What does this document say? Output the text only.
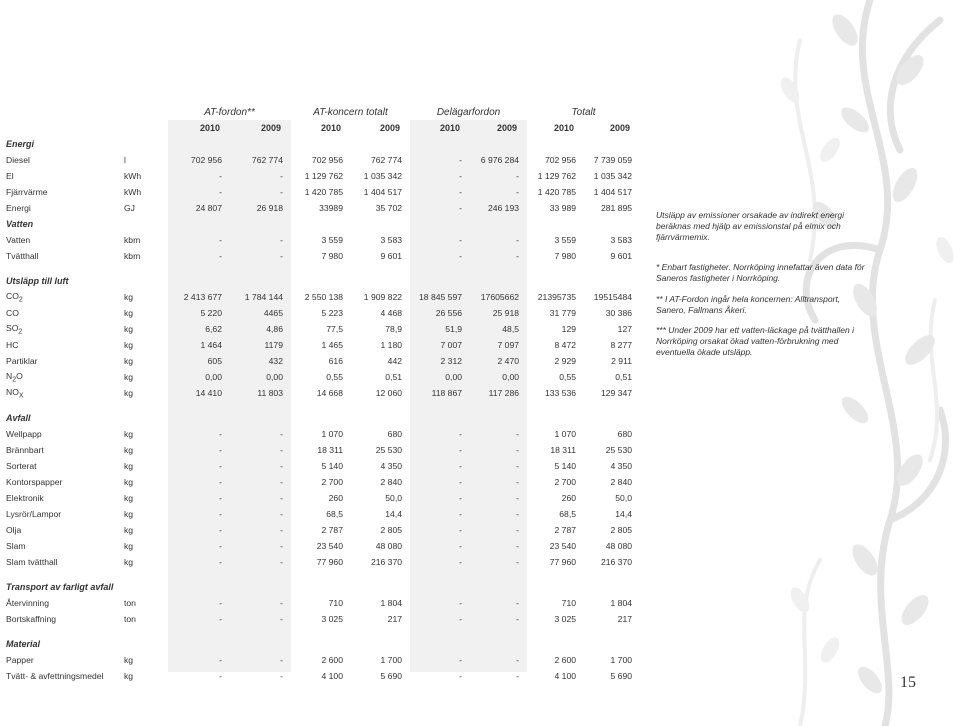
		AT-fordon**		AT-koncern totalt		Delägarfordon		Totalt	
		2010	2009	2010	2009	2010	2009	2010	2009
Energi									
Diesel	l	702 956	762 774	702 956	762 774	-	6 976 284	702 956	7 739 059
El	kWh	-	-	1 129 762	1 035 342	-	-	1 129 762	1 035 342
Fjärrvärme	kWh	-	-	1 420 785	1 404 517	-	-	1 420 785	1 404 517
Energi	GJ	24 807	26 918	33989	35 702	-	246 193	33 989	281 895
Vatten									
Vatten	kbm	-	-	3 559	3 583	-	-	3 559	3 583
Tvätthall	kbm	-	-	7 980	9 601	-	-	7 980	9 601

Utsläpp till luft									
$CO_2$	kg	2 413 677	1 784 144	2 550 138	1 909 822	18 845 597	17605662	21395735	19515484
CO	kg	5 220	4465	5 223	4 468	26 556	25 918	31 779	30 386
$SO_2$	kg	6,62	4,86	77,5	78,9	51,9	48,5	129	127
HC	kg	1 464	1179	1 465	1 180	7 007	7 097	8 472	8 277
Partiklar	kg	605	432	616	442	2 312	2 470	2 929	2 911
$N_2O$	kg	0,00	0,00	0,55	0,51	0,00	0,00	0,55	0,51
$NO_X$	kg	14 410	11 803	14 668	12 060	118 867	117 286	133 536	129 347

Avfall									
Wellpapp	kg	-	-	1 070	680	-	-	1 070	680
Brännbart	kg	-	-	18 311	25 530	-	-	18 311	25 530
Sorterat	kg	-	-	5 140	4 350	-	-	5 140	4 350
Kontorspapper	kg	-	-	2 700	2 840	-	-	2 700	2 840
Elektronik	kg	-	-	260	50,0	-	-	260	50,0
Lysrör/Lampor	kg	-	-	68,5	14,4	-	-	68,5	14,4
Olja	kg	-	-	2 787	2 805	-	-	2 787	2 805
Slam	kg	-	-	23 540	48 080	-	-	23 540	48 080
Slam tvätthall	kg	-	-	77 960	216 370	-	-	77 960	216 370

Transport av farligt avfall									
Återvinning	ton	-	-	710	1 804	-	-	710	1 804
Bortskaffning	ton	-	-	3 025	217	-	-	3 025	217

Material									
Papper	kg	-	-	2 600	1 700	-	-	2 600	1 700
Tvätt- & avfettningsmedel	kg	-	-	4 100	5 690	-	-	4 100	5 690
Utsläpp av emissioner orsakade av indirekt energi beräknas med hjälp av emissionstal på elmix och fjärrvärmemix.
* Enbart fastigheter. Norrköping innefattar även data för Saneros fastigheter i Norrköping.
** I AT-Fordon ingår hela koncernen: Alltransport, Sanero, Fallmans Åkeri.
*** Under 2009 har ett vatten-läckage på tvätthallen i Norrköping orsakat ökad vatten-förbrukning med eventuella ökade utsläpp.
15
